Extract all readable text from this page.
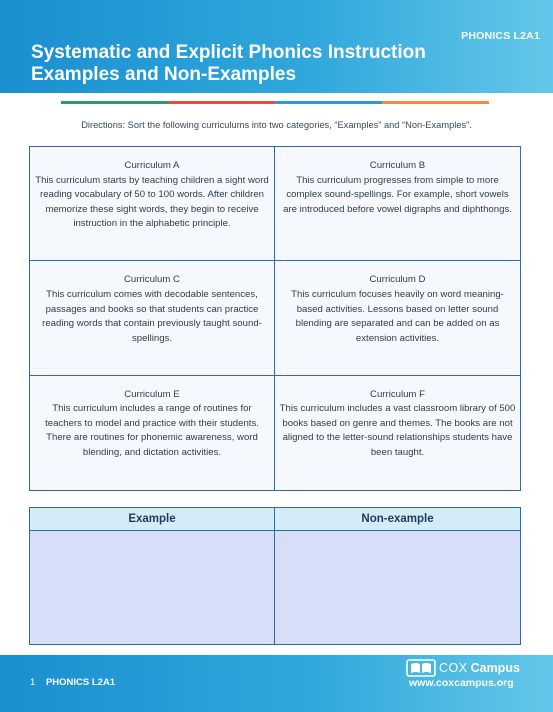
PHONICS L2A1
Systematic and Explicit Phonics Instruction
Examples and Non-Examples
Directions: Sort the following curriculums into two categories, “Examples” and “Non-Examples”.
Curriculum A
This curriculum starts by teaching children a sight word reading vocabulary of 50 to 100 words. After children memorize these sight words, they begin to receive instruction in the alphabetic principle.
Curriculum B
This curriculum progresses from simple to more complex sound-spellings. For example, short vowels are introduced before vowel digraphs and diphthongs.
Curriculum C
This curriculum comes with decodable sentences, passages and books so that students can practice reading words that contain previously taught sound-spellings.
Curriculum D
This curriculum focuses heavily on word meaning-based activities. Lessons based on letter sound blending are separated and can be added on as extension activities.
Curriculum E
This curriculum includes a range of routines for teachers to model and practice with their students. There are routines for phonemic awareness, word blending, and dictation activities.
Curriculum F
This curriculum includes a vast classroom library of 500 books based on genre and themes. The books are not aligned to the letter-sound relationships students have been taught.
Example	Non-example
1 PHONICS L2A1
COX Campus
www.coxcampus.org
